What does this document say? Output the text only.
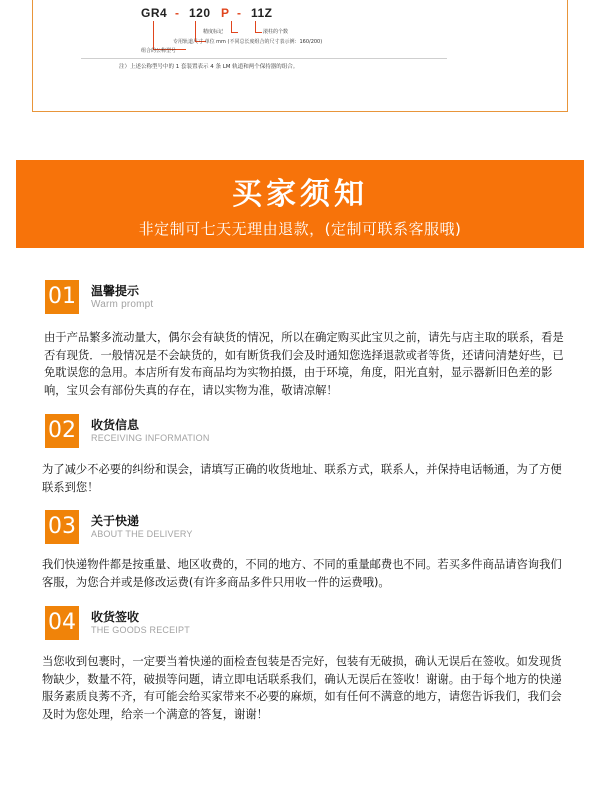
GR4 - 120 P - 11Z
滚柱的个数
精度标记
专用轨道尺寸 单位 mm (不同总长度组合的尺寸表示例：160/200)
组合的公称型号
注）上述公称型号中的 1 套装置表示 4 条 LM 轨道和两个保持器的组合。
买家须知
非定制可七天无理由退款，(定制可联系客服哦)
01 温馨提示
Warm prompt
由于产品繁多流动量大，偶尔会有缺货的情况，所以在确定购买此宝贝之前，请先与店主取的联系，看是否有现货．一般情况是不会缺货的，如有断货我们会及时通知您选择退款或者等货，还请问清楚好些，已免耽误您的急用。本店所有发布商品均为实物拍摄，由于环境，角度，阳光直射，显示器新旧色差的影响，宝贝会有部份失真的存在，请以实物为准，敬请凉解！
02 收货信息
RECEIVING INFORMATION
为了减少不必要的纠纷和误会，请填写正确的收货地址、联系方式，联系人，并保持电话畅通，为了方便联系到您！
03 关于快递
ABOUT THE DELIVERY
我们快递物件都是按重量、地区收费的，不同的地方、不同的重量邮费也不同。若买多件商品请咨询我们客服，为您合并或是修改运费(有许多商品多件只用收一件的运费哦)。
04 收货签收
THE GOODS RECEIPT
当您收到包裹时，一定要当着快递的面检查包装是否完好，包装有无破损，确认无误后在签收。如发现货物缺少，数量不符，破损等问题，请立即电话联系我们，确认无误后在签收！谢谢。由于每个地方的快递服务素质良莠不齐，有可能会给买家带来不必要的麻烦，如有任何不满意的地方，请您告诉我们，我们会及时为您处理，给亲一个满意的答复，谢谢！
